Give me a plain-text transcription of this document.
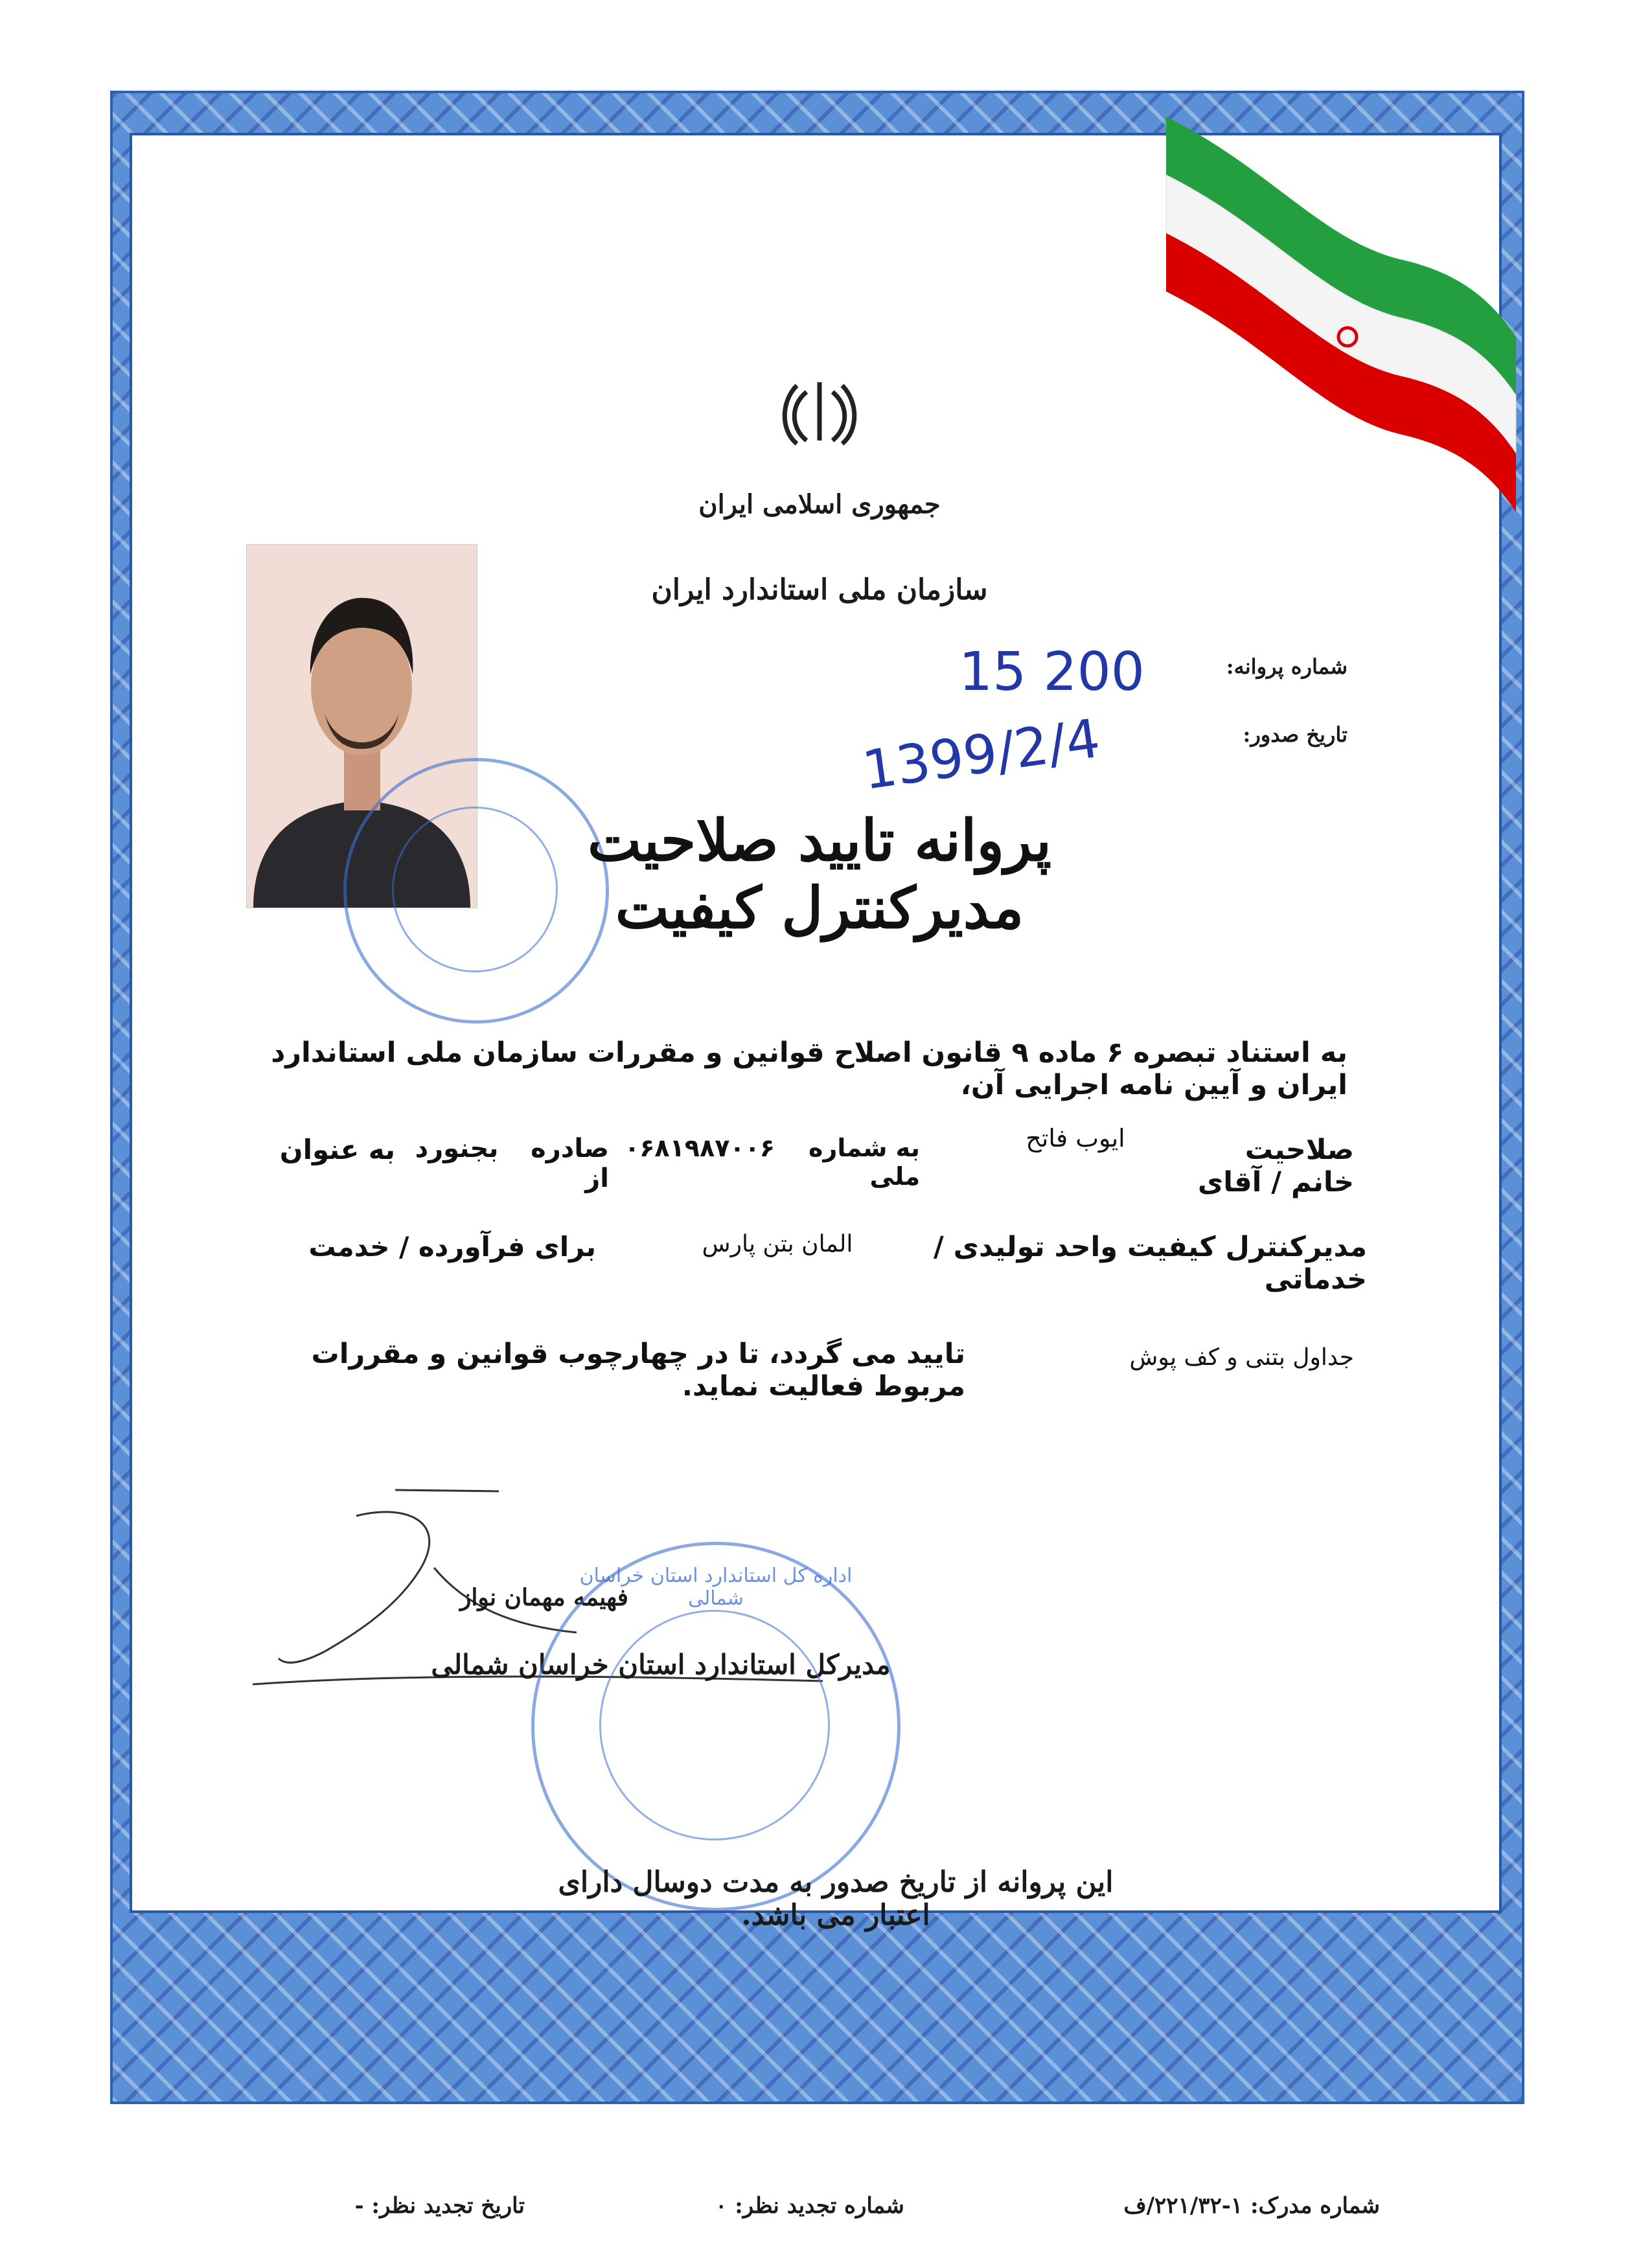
جمهوری اسلامی ایران
سازمان ملی استاندارد ایران
شماره پروانه:
15 200
تاریخ صدور:
1399/2/4
پروانه تایید صلاحیت مدیرکنترل کیفیت
به استناد تبصره ۶ ماده ۹ قانون اصلاح قوانین و مقررات سازمان ملی استاندارد ایران و آیین نامه اجرایی آن،
صلاحیت خانم / آقای
ایوب فاتح
به شماره ملی
۰۶۸۱۹۸۷۰۰۶
صادره از
بجنورد
به عنوان
مدیرکنترل کیفیت واحد تولیدی / خدماتی
المان بتن پارس
برای فرآورده / خدمت
جداول بتنی و کف پوش
تایید می گردد، تا در چهارچوب قوانین و مقررات مربوط فعالیت نماید.
فهیمه مهمان نواز
مدیرکل استاندارد استان خراسان شمالی
اداره کل استاندارد استان خراسان شمالی
این پروانه از تاریخ صدور به مدت دوسال دارای اعتبار می باشد.
شماره مدرک: ۱-۲۲۱/۳۲/ف
شماره تجدید نظر: ۰
تاریخ تجدید نظر: -
